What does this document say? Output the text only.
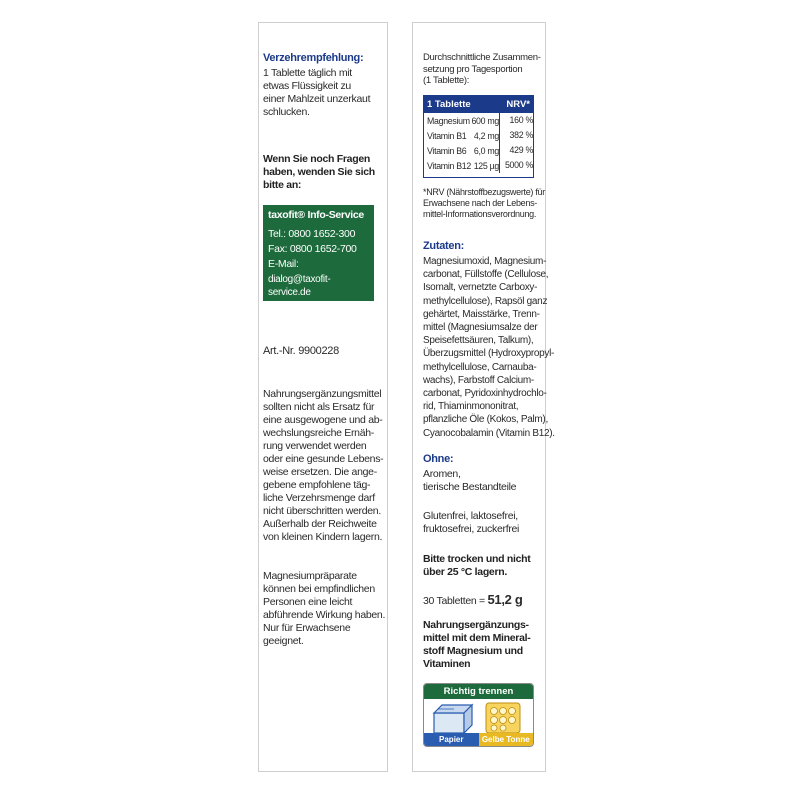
Verzehrempfehlung:
1 Tablette täglich mit
etwas Flüssigkeit zu
einer Mahlzeit unzerkaut
schlucken.
Wenn Sie noch Fragen
haben, wenden Sie sich
bitte an:
taxofit® Info-Service
Tel.: 0800 1652-300
Fax: 0800 1652-700
E-Mail:
dialog@taxofit-service.de
www.taxofit.de
Art.-Nr. 9900228
Nahrungsergänzungsmittel
sollten nicht als Ersatz für
eine ausgewogene und ab-
wechslungsreiche Ernäh-
rung verwendet werden
oder eine gesunde Lebens-
weise ersetzen. Die ange-
gebene empfohlene täg-
liche Verzehrsmenge darf
nicht überschritten werden.
Außerhalb der Reichweite
von kleinen Kindern lagern.
Magnesiumpräparate
können bei empfindlichen
Personen eine leicht
abführende Wirkung haben.
Nur für Erwachsene
geeignet.
Durchschnittliche Zusammen-
setzung pro Tagesportion
(1 Tablette):
1 Tablette	NRV*
Magnesium 600 mg	160 %
Vitamin B1 4,2 mg	382 %
Vitamin B6 6,0 mg	429 %
Vitamin B12 125 µg 5000 %
*NRV (Nährstoffbezugswerte) für
Erwachsene nach der Lebens-
mittel-Informationsverordnung.
Zutaten:
Magnesiumoxid, Magnesium-
carbonat, Füllstoffe (Cellulose,
Isomalt, vernetzte Carboxy-
methylcellulose), Rapsöl ganz
gehärtet, Maisstärke, Trenn-
mittel (Magnesiumsalze der
Speisefettsäuren, Talkum),
Überzugsmittel (Hydroxypropyl-
methylcellulose, Carnauba-
wachs), Farbstoff Calcium-
carbonat, Pyridoxinhydrochlo-
rid, Thiaminmononitrat,
pflanzliche Öle (Kokos, Palm),
Cyanocobalamin (Vitamin B12).
Ohne:
Aromen,
tierische Bestandteile
Glutenfrei, laktosefrei,
fruktosefrei, zuckerfrei
Bitte trocken und nicht
über 25 °C lagern.
30 Tabletten = 51,2 g
Nahrungsergänzungs-
mittel mit dem Mineral-
stoff Magnesium und
Vitaminen
Richtig trennen
Papier	Gelbe Tonne
